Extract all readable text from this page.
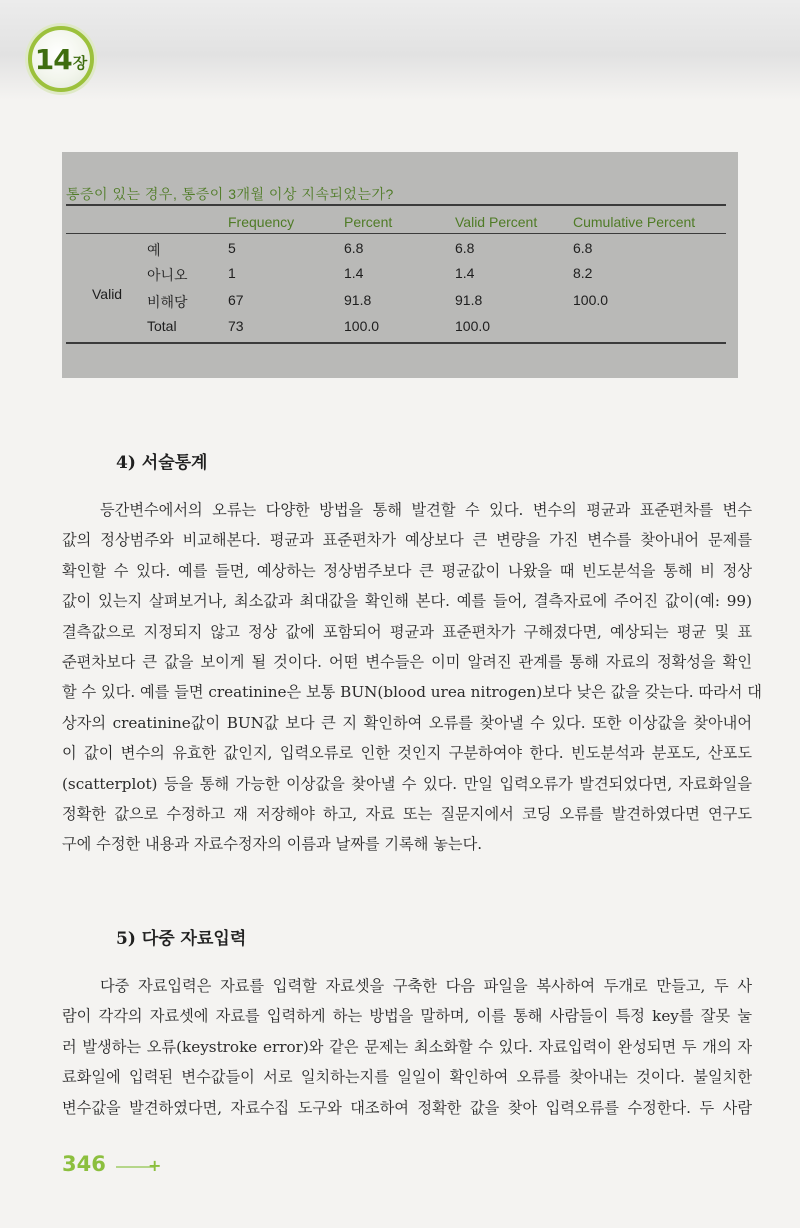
14 장
통증이 있는 경우, 통증이 3개월 이상 지속되었는가?
Frequency	Percent	Valid Percent	Cumulative Percent
Valid
예	5	6.8	6.8	6.8
아니오	1	1.4	1.4	8.2
비해당	67	91.8	91.8	100.0
Total	73	100.0	100.0
4) 서술통계
등간변수에서의 오류는 다양한 방법을 통해 발견할 수 있다. 변수의 평균과 표준편차를 변수
값의 정상범주와 비교해본다. 평균과 표준편차가 예상보다 큰 변량을 가진 변수를 찾아내어 문제를
확인할 수 있다. 예를 들면, 예상하는 정상범주보다 큰 평균값이 나왔을 때 빈도분석을 통해 비 정상
값이 있는지 살펴보거나, 최소값과 최대값을 확인해 본다. 예를 들어, 결측자료에 주어진 값이(예: 99)
결측값으로 지정되지 않고 정상 값에 포함되어 평균과 표준편차가 구해졌다면, 예상되는 평균 및 표
준편차보다 큰 값을 보이게 될 것이다. 어떤 변수들은 이미 알려진 관계를 통해 자료의 정확성을 확인
할 수 있다. 예를 들면 creatinine은 보통 BUN(blood urea nitrogen)보다 낮은 값을 갖는다. 따라서 대
상자의 creatinine값이 BUN값 보다 큰 지 확인하여 오류를 찾아낼 수 있다. 또한 이상값을 찾아내어
이 값이 변수의 유효한 값인지, 입력오류로 인한 것인지 구분하여야 한다. 빈도분석과 분포도, 산포도
(scatterplot) 등을 통해 가능한 이상값을 찾아낼 수 있다. 만일 입력오류가 발견되었다면, 자료화일을
정확한 값으로 수정하고 재 저장해야 하고, 자료 또는 질문지에서 코딩 오류를 발견하였다면 연구도
구에 수정한 내용과 자료수정자의 이름과 날짜를 기록해 놓는다.
5) 다중 자료입력
다중 자료입력은 자료를 입력할 자료셋을 구축한 다음 파일을 복사하여 두개로 만들고, 두 사
람이 각각의 자료셋에 자료를 입력하게 하는 방법을 말하며, 이를 통해 사람들이 특정 key를 잘못 눌
러 발생하는 오류(keystroke error)와 같은 문제는 최소화할 수 있다. 자료입력이 완성되면 두 개의 자
료화일에 입력된 변수값들이 서로 일치하는지를 일일이 확인하여 오류를 찾아내는 것이다. 불일치한
변수값을 발견하였다면, 자료수집 도구와 대조하여 정확한 값을 찾아 입력오류를 수정한다. 두 사람
346	+
